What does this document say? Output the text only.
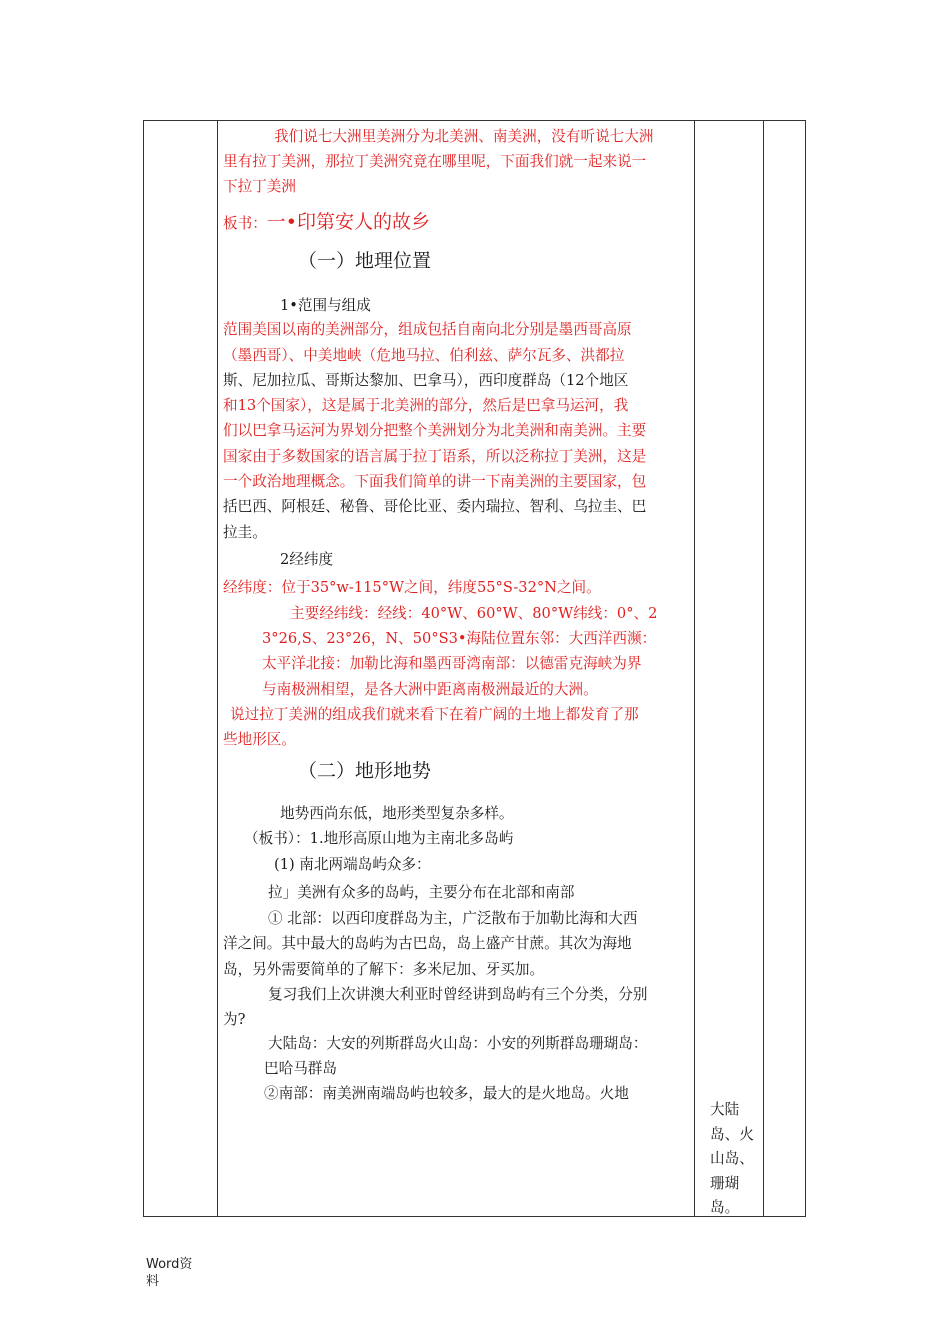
我们说七大洲里美洲分为北美洲、南美洲，没有听说七大洲
里有拉丁美洲，那拉丁美洲究竟在哪里呢，下面我们就一起来说一
下拉丁美洲
板书：一•印第安人的故乡
（一）地理位置
1•范围与组成
范围美国以南的美洲部分，组成包括自南向北分别是墨西哥高原
（墨西哥）、中美地峡（危地马拉、伯利兹、萨尔瓦多、洪都拉
斯、尼加拉瓜、哥斯达黎加、巴拿马），西印度群岛（12个地区
和13个国家），这是属于北美洲的部分，然后是巴拿马运河，我
们以巴拿马运河为界划分把整个美洲划分为北美洲和南美洲。主要
国家由于多数国家的语言属于拉丁语系，所以泛称拉丁美洲，这是
一个政治地理概念。下面我们简单的讲一下南美洲的主要国家，包
括巴西、阿根廷、秘鲁、哥伦比亚、委内瑞拉、智利、乌拉圭、巴
拉圭。
2经纬度
经纬度：位于35°w-115°W之间，纬度55°S-32°N之间。
主要经纬线：经线：40°W、60°W、80°W纬线：0°、2
3°26,S、23°26，N、50°S3•海陆位置东邻：大西洋西濒：
太平洋北接：加勒比海和墨西哥湾南部：以德雷克海峡为界
与南极洲相望，是各大洲中距离南极洲最近的大洲。
说过拉丁美洲的组成我们就来看下在着广阔的土地上都发育了那
些地形区。
（二）地形地势
地势西尚东低，地形类型复杂多样。
（板书）：1.地形高原山地为主南北多岛屿
(1) 南北两端岛屿众多：
拉」美洲有众多的岛屿，主要分布在北部和南部
① 北部：以西印度群岛为主，广泛散布于加勒比海和大西
洋之间。其中最大的岛屿为古巴岛，岛上盛产甘蔗。其次为海地
岛，另外需要简单的了解下：多米尼加、牙买加。
复习我们上次讲澳大利亚时曾经讲到岛屿有三个分类，分别
为?
大陆岛：大安的列斯群岛火山岛：小安的列斯群岛珊瑚岛：
巴哈马群岛
②南部：南美洲南端岛屿也较多，最大的是火地岛。火地
大陆
岛、火
山岛、
珊瑚
岛。
Word资
料
